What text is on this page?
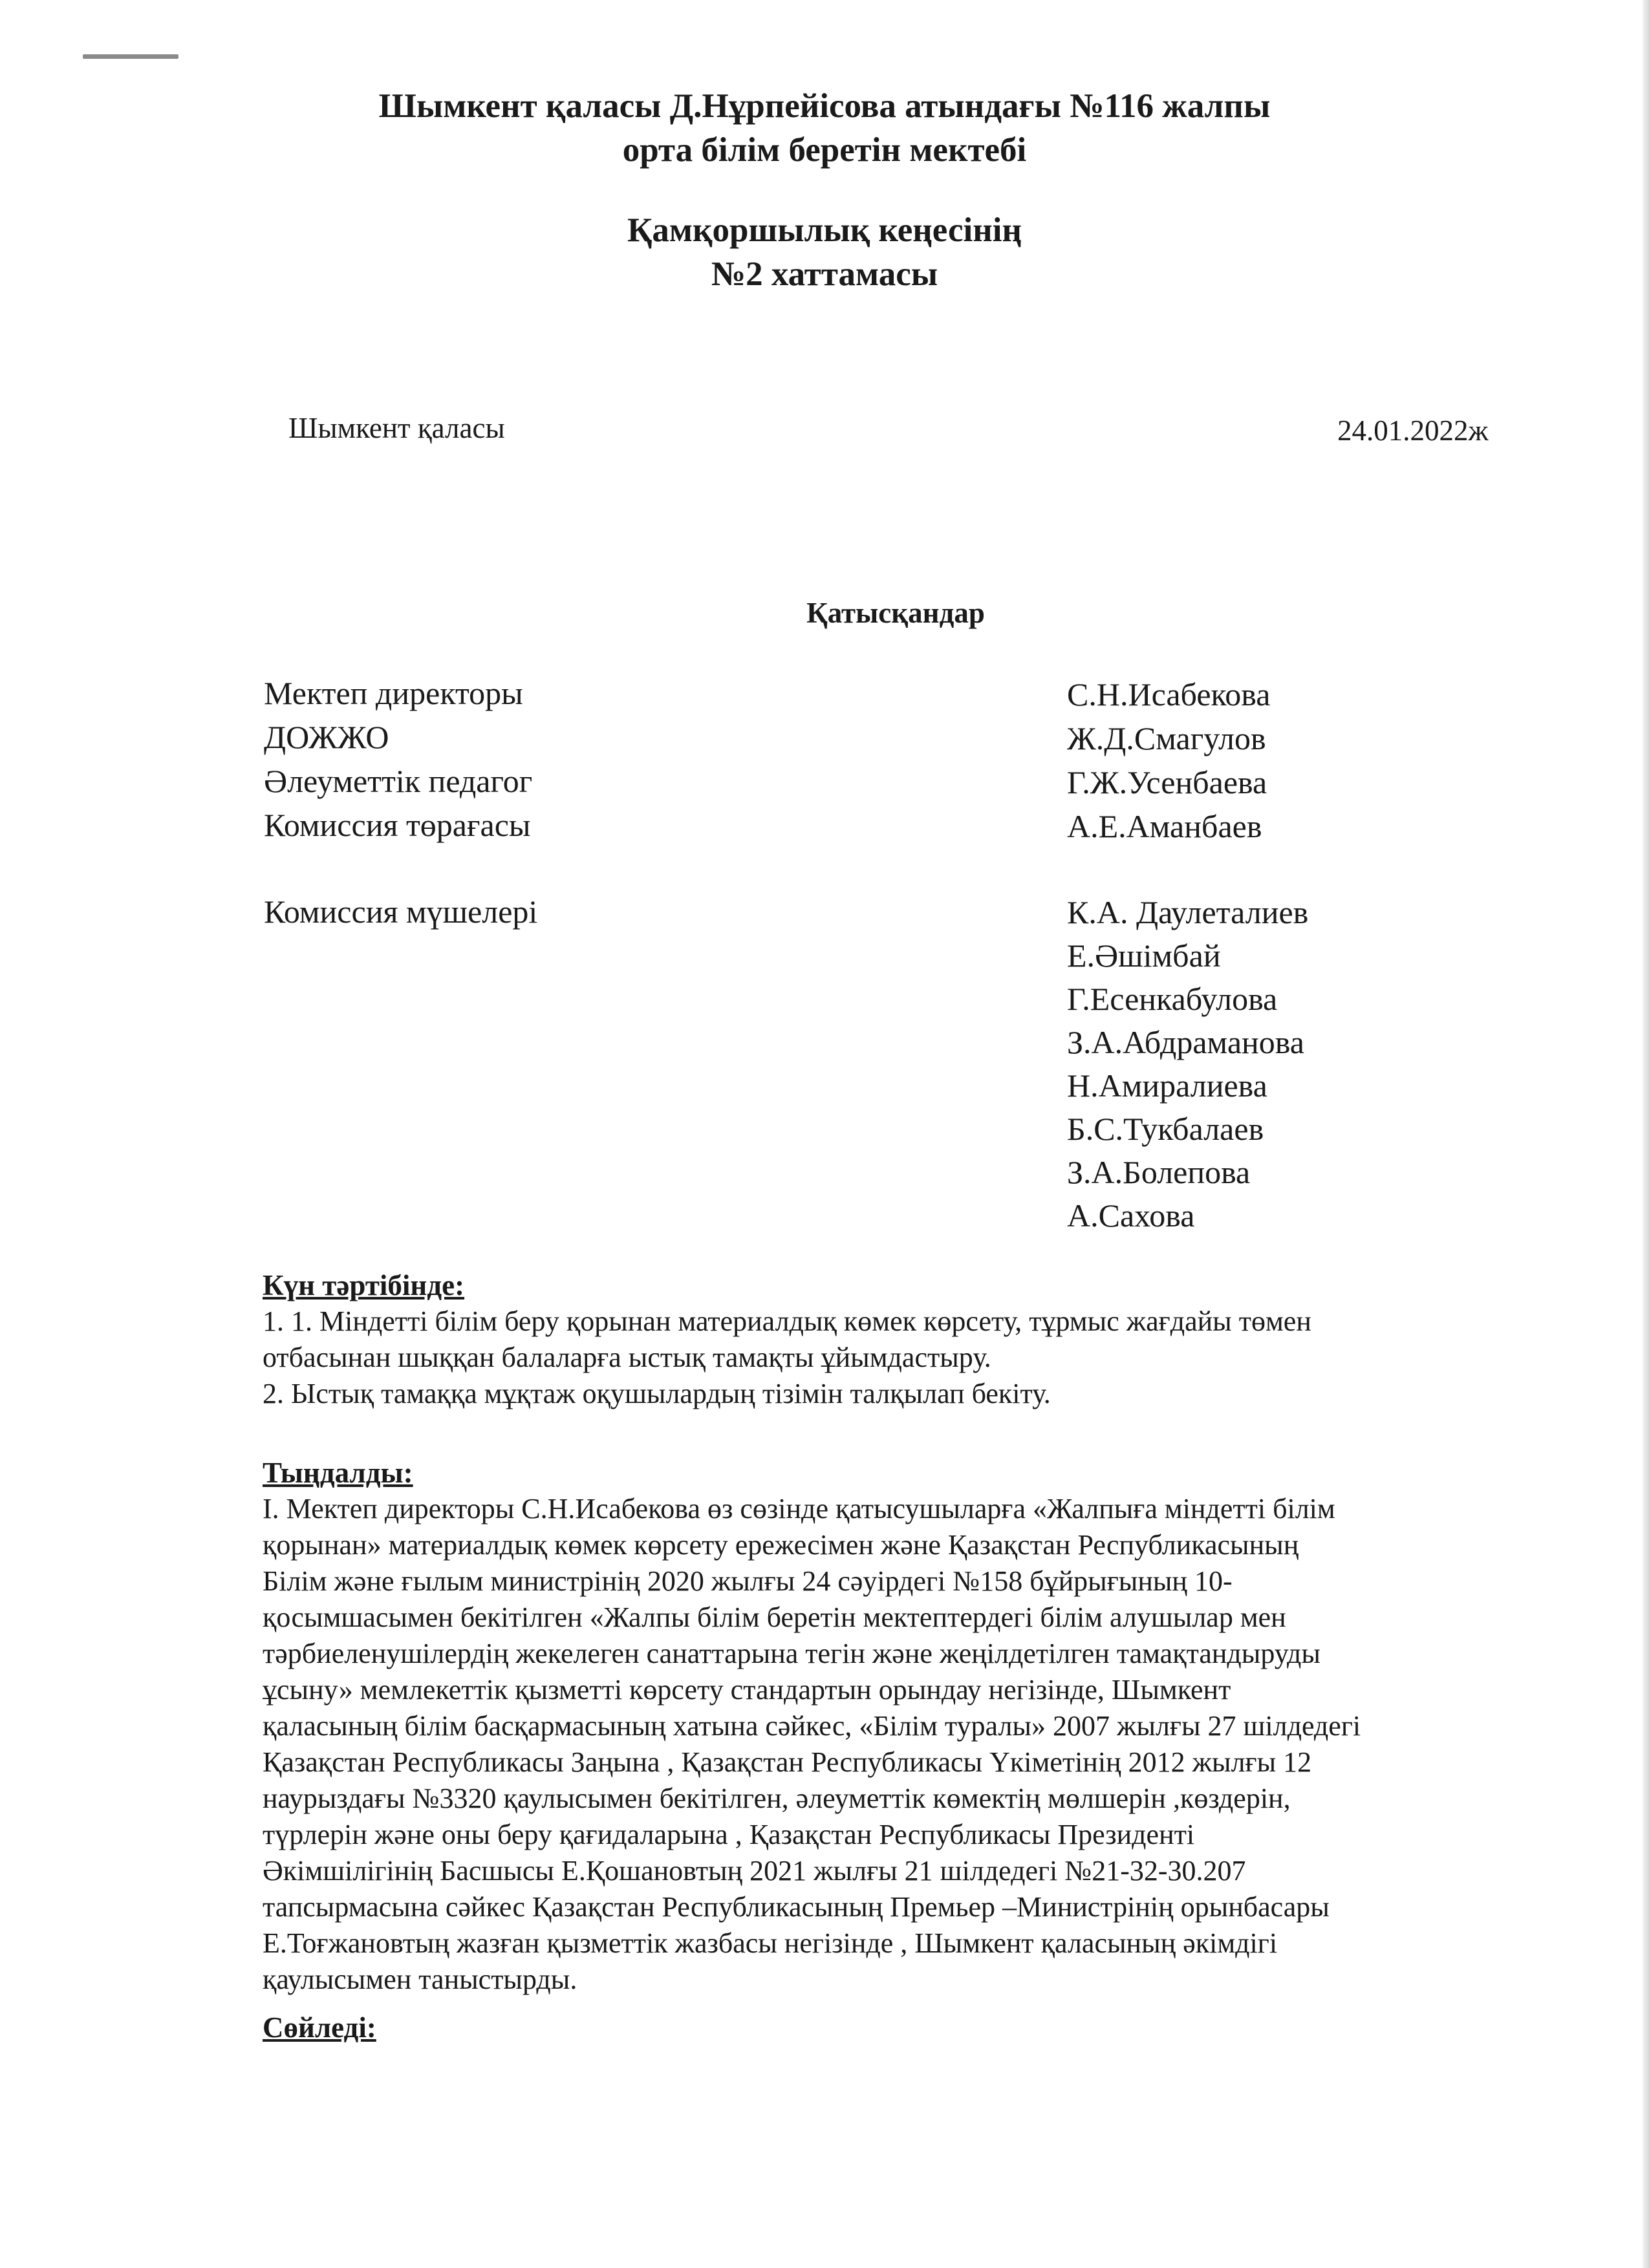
Шымкент қаласы Д.Нұрпейісова атындағы №116 жалпы
орта білім беретін мектебі
Қамқоршылық кеңесінің
№2 хаттамасы
Шымкент қаласы	24.01.2022ж
Қатысқандар
Мектеп директоры
ДОЖЖО
Әлеуметтік педагог
Комиссия төрағасы
С.Н.Исабекова
Ж.Д.Смагулов
Г.Ж.Усенбаева
А.Е.Аманбаев
Комиссия мүшелері	К.А. Даулеталиев
Е.Әшімбай
Г.Есенкабулова
З.А.Абдраманова
Н.Амиралиева
Б.С.Тукбалаев
З.А.Болепова
А.Сахова
Күн тәртібінде:
1. 1. Міндетті білім беру қорынан материалдық көмек көрсету, тұрмыс жағдайы төмен
отбасынан шыққан балаларға ыстық тамақты ұйымдастыру.
2. Ыстық тамаққа мұқтаж оқушылардың тізімін талқылап бекіту.
Тыңдалды:
I. Мектеп директоры С.Н.Исабекова өз сөзінде қатысушыларға «Жалпыға міндетті білім
қорынан» материалдық көмек көрсету ережесімен және Қазақстан Республикасының
Білім және ғылым министрінің 2020 жылғы 24 сәуірдегі №158 бұйрығының 10-
қосымшасымен бекітілген «Жалпы білім беретін мектептердегі білім алушылар мен
тәрбиеленушілердің жекелеген санаттарына тегін және жеңілдетілген тамақтандыруды
ұсыну» мемлекеттік қызметті көрсету стандартын орындау негізінде, Шымкент
қаласының білім басқармасының хатына сәйкес, «Білім туралы» 2007 жылғы 27 шілдедегі
Қазақстан Республикасы Заңына , Қазақстан Республикасы Үкіметінің 2012 жылғы 12
наурыздағы №3320 қаулысымен бекітілген, әлеуметтік көмектің мөлшерін ,көздерін,
түрлерін және оны беру қағидаларына , Қазақстан Республикасы Президенті
Әкімшілігінің Басшысы Е.Қошановтың 2021 жылғы 21 шілдедегі №21-32-30.207
тапсырмасына сәйкес Қазақстан Республикасының Премьер –Министрінің орынбасары
Е.Тоғжановтың жазған қызметтік жазбасы негізінде , Шымкент қаласының әкімдігі
қаулысымен таныстырды.
Сөйледі:
